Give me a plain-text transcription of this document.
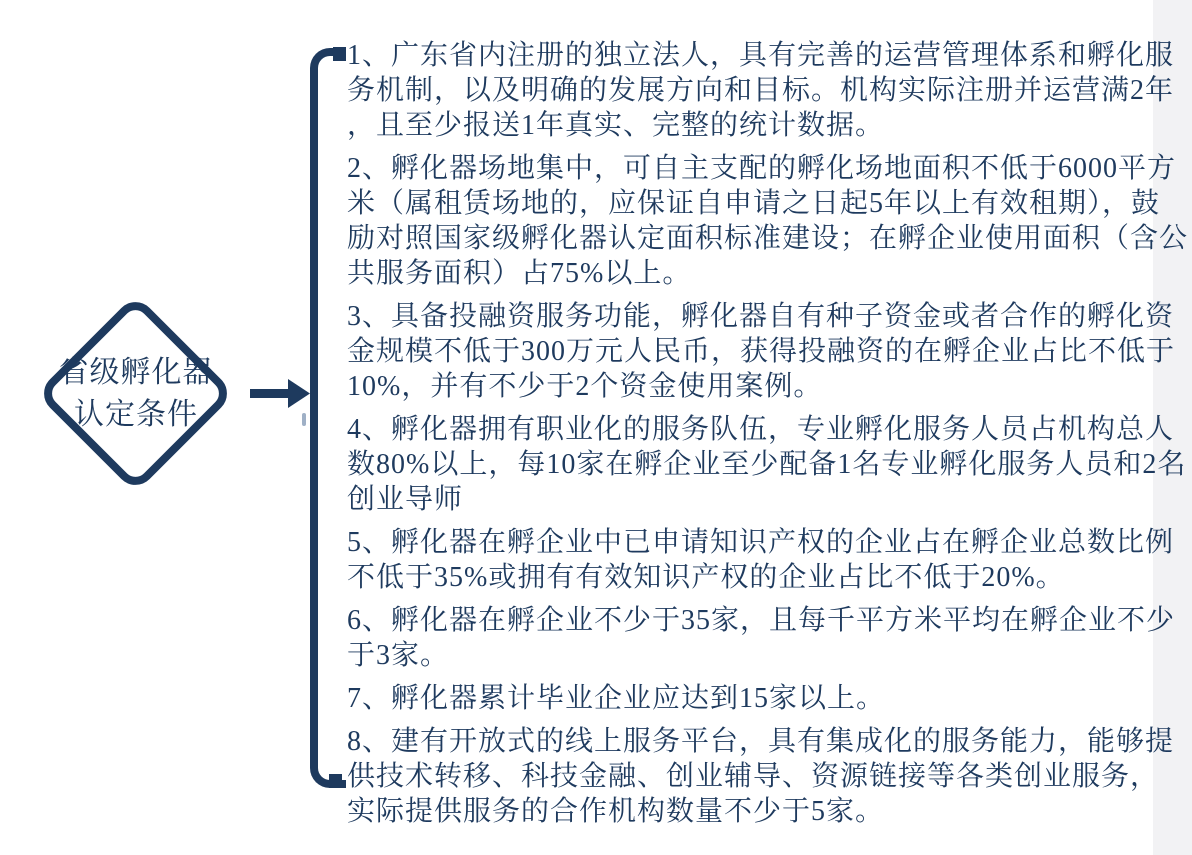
省级孵化器
认定条件
1、广东省内注册的独立法人，具有完善的运营管理体系和孵化服
务机制，以及明确的发展方向和目标。机构实际注册并运营满2年
，且至少报送1年真实、完整的统计数据。
2、孵化器场地集中，可自主支配的孵化场地面积不低于6000平方
米（属租赁场地的，应保证自申请之日起5年以上有效租期），鼓
励对照国家级孵化器认定面积标准建设；在孵企业使用面积（含公
共服务面积）占75%以上。
3、具备投融资服务功能，孵化器自有种子资金或者合作的孵化资
金规模不低于300万元人民币，获得投融资的在孵企业占比不低于
10%，并有不少于2个资金使用案例。
4、孵化器拥有职业化的服务队伍，专业孵化服务人员占机构总人
数80%以上，每10家在孵企业至少配备1名专业孵化服务人员和2名
创业导师
5、孵化器在孵企业中已申请知识产权的企业占在孵企业总数比例
不低于35%或拥有有效知识产权的企业占比不低于20%。
6、孵化器在孵企业不少于35家，且每千平方米平均在孵企业不少
于3家。
7、孵化器累计毕业企业应达到15家以上。
8、建有开放式的线上服务平台，具有集成化的服务能力，能够提
供技术转移、科技金融、创业辅导、资源链接等各类创业服务，
实际提供服务的合作机构数量不少于5家。
